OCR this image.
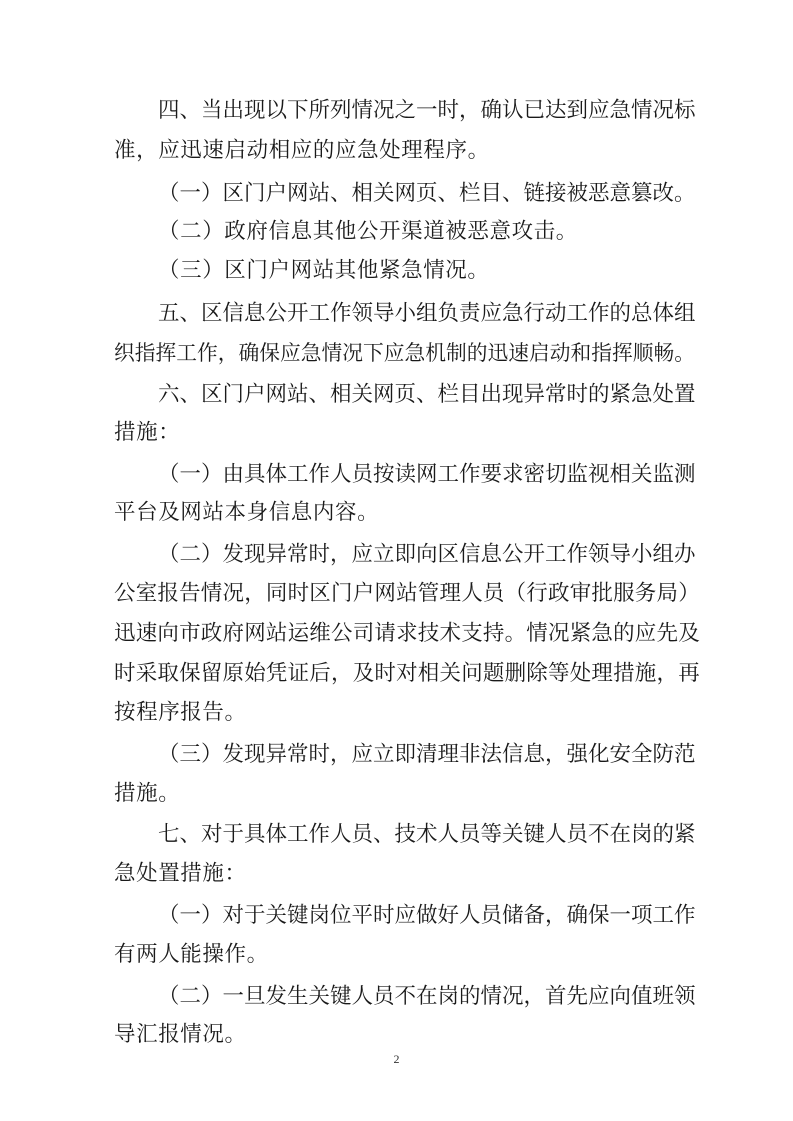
四、当出现以下所列情况之一时，确认已达到应急情况标
准，应迅速启动相应的应急处理程序。
（一）区门户网站、相关网页、栏目、链接被恶意篡改。
（二）政府信息其他公开渠道被恶意攻击。
（三）区门户网站其他紧急情况。
五、区信息公开工作领导小组负责应急行动工作的总体组
织指挥工作，确保应急情况下应急机制的迅速启动和指挥顺畅。
六、区门户网站、相关网页、栏目出现异常时的紧急处置
措施：
（一）由具体工作人员按读网工作要求密切监视相关监测
平台及网站本身信息内容。
（二）发现异常时，应立即向区信息公开工作领导小组办
公室报告情况，同时区门户网站管理人员（行政审批服务局）
迅速向市政府网站运维公司请求技术支持。情况紧急的应先及
时采取保留原始凭证后，及时对相关问题删除等处理措施，再
按程序报告。
（三）发现异常时，应立即清理非法信息，强化安全防范
措施。
七、对于具体工作人员、技术人员等关键人员不在岗的紧
急处置措施：
（一）对于关键岗位平时应做好人员储备，确保一项工作
有两人能操作。
（二）一旦发生关键人员不在岗的情况，首先应向值班领
导汇报情况。
2
